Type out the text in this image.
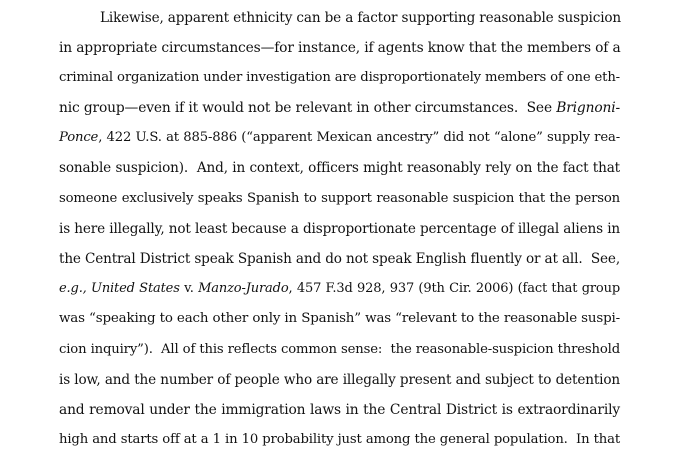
Likewise, apparent ethnicity can be a factor supporting reasonable suspicion
in appropriate circumstances—for instance, if agents know that the members of a
criminal organization under investigation are disproportionately members of one eth-
nic group—even if it would not be relevant in other circumstances.  See Brignoni-
Ponce, 422 U.S. at 885-886 (“apparent Mexican ancestry” did not “alone” supply rea-
sonable suspicion).  And, in context, officers might reasonably rely on the fact that
someone exclusively speaks Spanish to support reasonable suspicion that the person
is here illegally, not least because a disproportionate percentage of illegal aliens in
the Central District speak Spanish and do not speak English fluently or at all.  See,
e.g., United States v. Manzo-Jurado, 457 F.3d 928, 937 (9th Cir. 2006) (fact that group
was “speaking to each other only in Spanish” was “relevant to the reasonable suspi-
cion inquiry”).  All of this reflects common sense:  the reasonable-suspicion threshold
is low, and the number of people who are illegally present and subject to detention
and removal under the immigration laws in the Central District is extraordinarily
high and starts off at a 1 in 10 probability just among the general population.  In that
